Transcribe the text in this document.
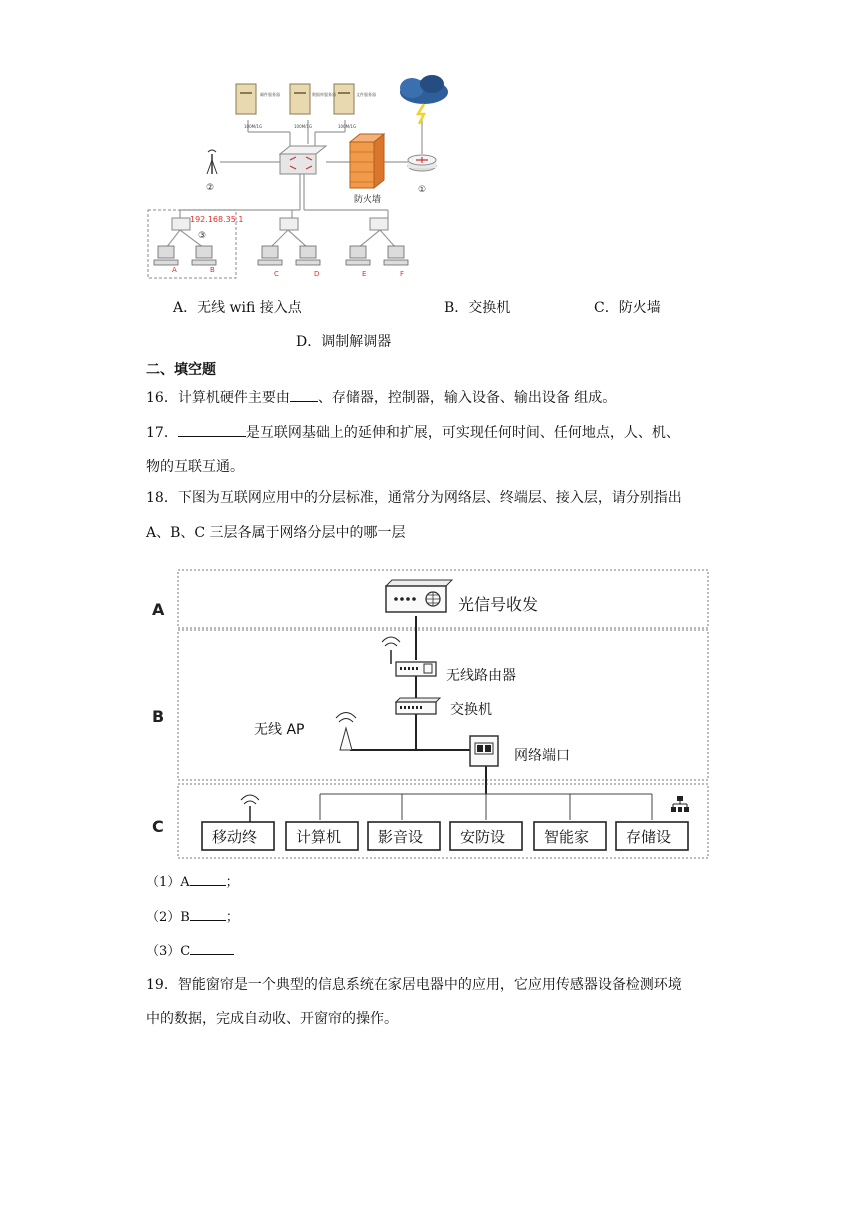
邮件服务器	数据库服务器	文件服务器
100M/1G	100M/1G	100M/1G
②
防火墙
①
192.168.35.1
③
A	B	C	D	E	F
A．无线 wifi 接入点	B．交换机	C．防火墙
D．调制解调器
二、填空题
16．计算机硬件主要由 、存储器，控制器，输入设备、输出设备 组成。
17．	是互联网基础上的延伸和扩展，可实现任何时间、任何地点，人、机、
物的互联互通。
18．下图为互联网应用中的分层标准，通常分为网络层、终端层、接入层，请分别指出
A、B、C 三层各属于网络分层中的哪一层
A
B
C
光信号收发
无线路由器
交换机
无线 AP
网络端口
移动终	计算机 影音设 安防设	智能家 存储设
（1）A	；
（2）B	；
（3）C
19．智能窗帘是一个典型的信息系统在家居电器中的应用，它应用传感器设备检测环境
中的数据，完成自动收、开窗帘的操作。
